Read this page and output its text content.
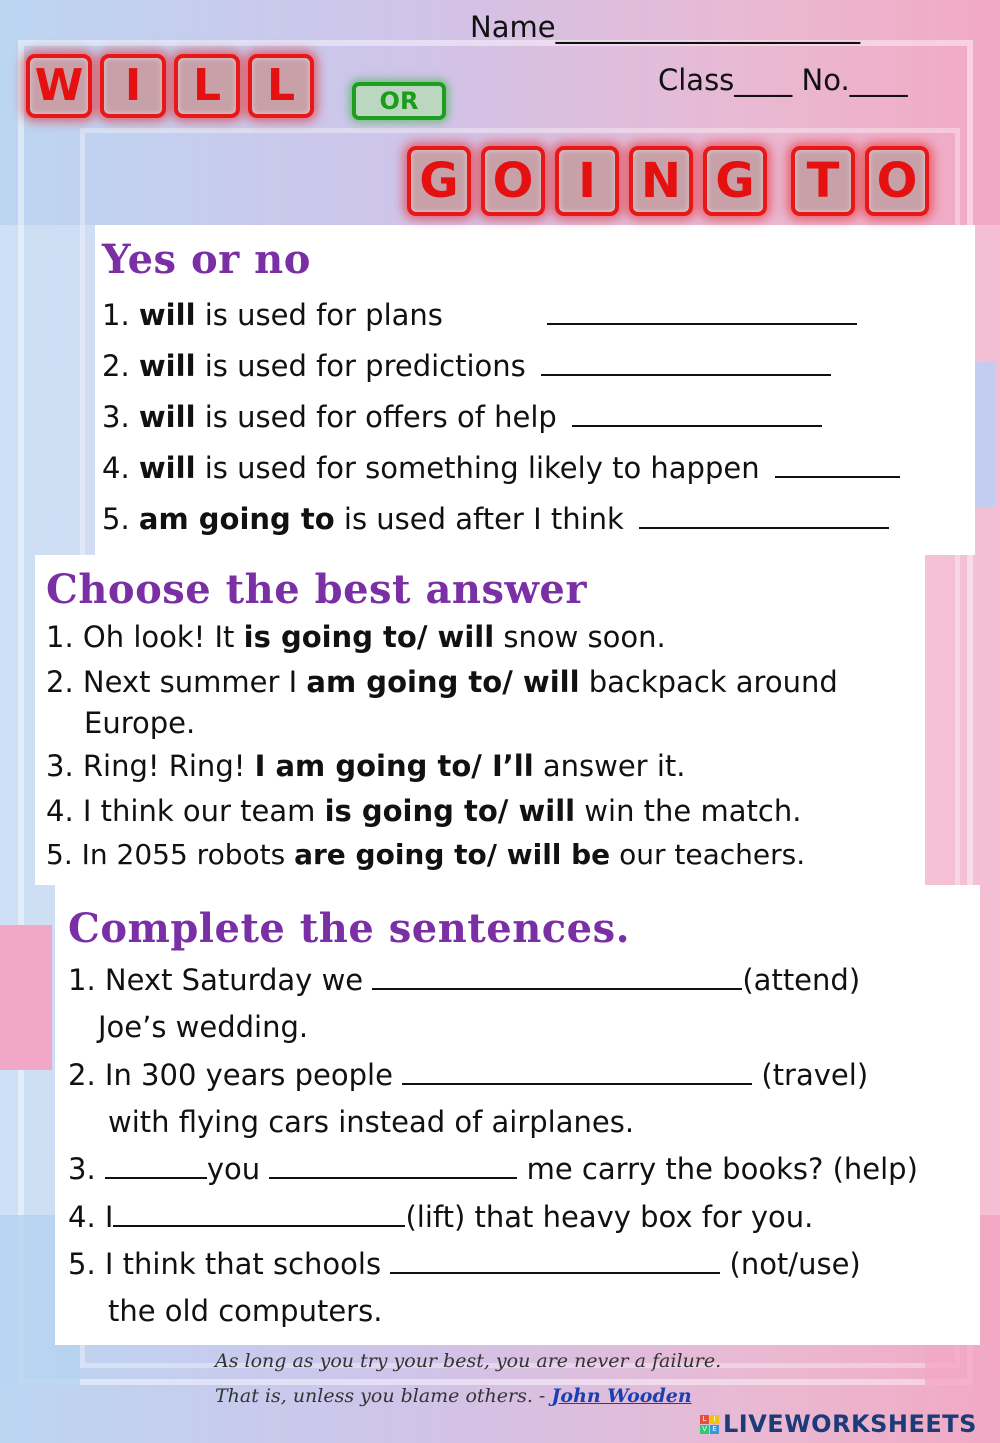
Name_____________________
Class____ No.____
W I	L	L	OR
G O I N G	T O
Yes or no
1. will is used for plans
2. will is used for predictions
3. will is used for offers of help
4. will is used for something likely to happen
5. am going to is used after I think
Choose the best answer
1. Oh look! It is going to/ will snow soon.
2. Next summer I am going to/ will backpack around
Europe.
3. Ring! Ring! I am going to/ I’ll answer it.
4. I think our team is going to/ will win the match.
5. In 2055 robots are going to/ will be our teachers.
Complete the sentences.
1. Next Saturday we	(attend)
Joe’s wedding.
2. In 300 years people	(travel)
with flying cars instead of airplanes.
3.	you	me carry the books? (help)
4. I	(lift) that heavy box for you.
5. I think that schools	(not/use)
the old computers.
As long as you try your best, you are never a failure.
That is, unless you blame others. - John Wooden
L	I
V E LIVEWORKSHEETS
